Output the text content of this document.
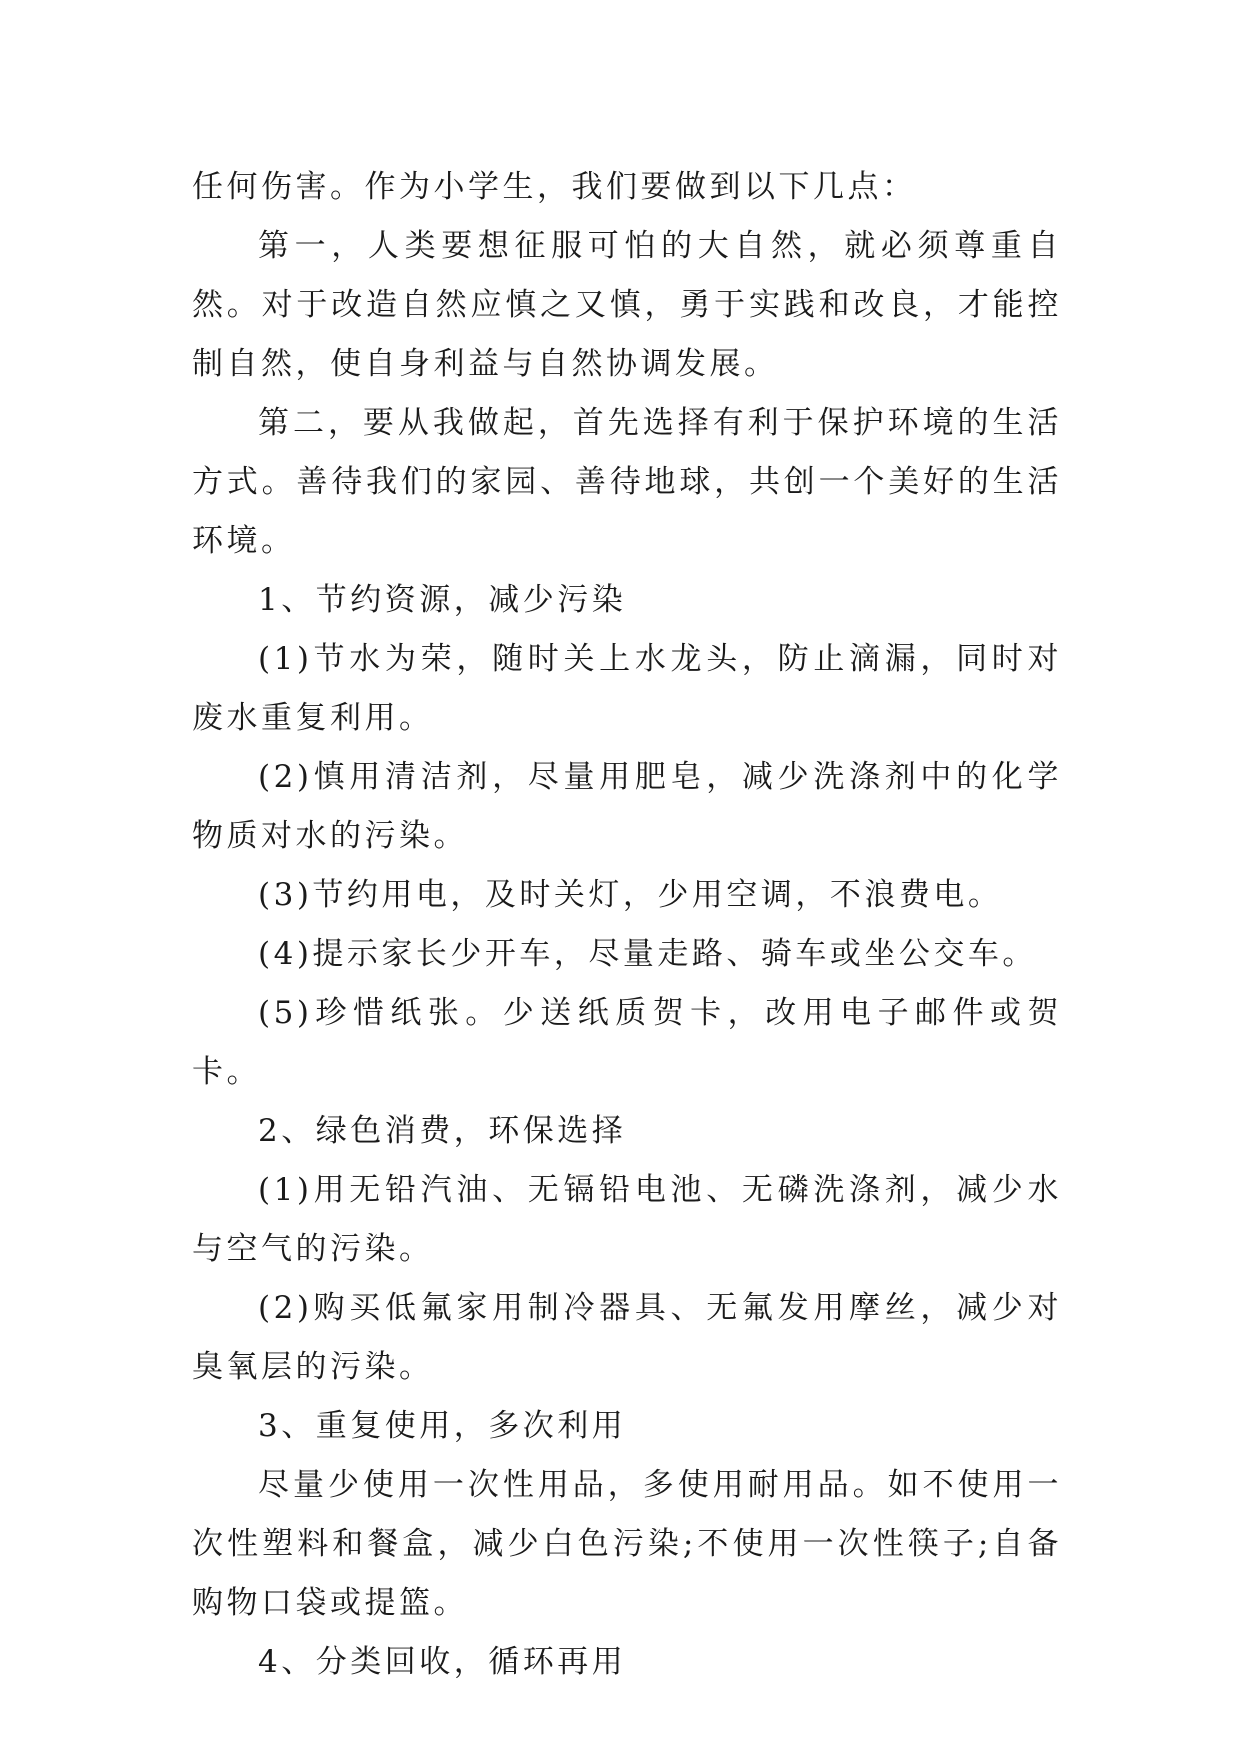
任何伤害。作为小学生，我们要做到以下几点：

第一，人类要想征服可怕的大自然，就必须尊重自然。对于改造自然应慎之又慎，勇于实践和改良，才能控制自然，使自身利益与自然协调发展。

第二，要从我做起，首先选择有利于保护环境的生活方式。善待我们的家园、善待地球，共创一个美好的生活环境。

1、节约资源，减少污染

(1)节水为荣，随时关上水龙头，防止滴漏，同时对废水重复利用。

(2)慎用清洁剂，尽量用肥皂，减少洗涤剂中的化学物质对水的污染。

(3)节约用电，及时关灯，少用空调，不浪费电。

(4)提示家长少开车，尽量走路、骑车或坐公交车。

(5)珍惜纸张。少送纸质贺卡，改用电子邮件或贺卡。

2、绿色消费，环保选择

(1)用无铅汽油、无镉铅电池、无磷洗涤剂，减少水与空气的污染。

(2)购买低氟家用制冷器具、无氟发用摩丝，减少对臭氧层的污染。

3、重复使用，多次利用

尽量少使用一次性用品，多使用耐用品。如不使用一次性塑料和餐盒，减少白色污染;不使用一次性筷子;自备购物口袋或提篮。

4、分类回收，循环再用
